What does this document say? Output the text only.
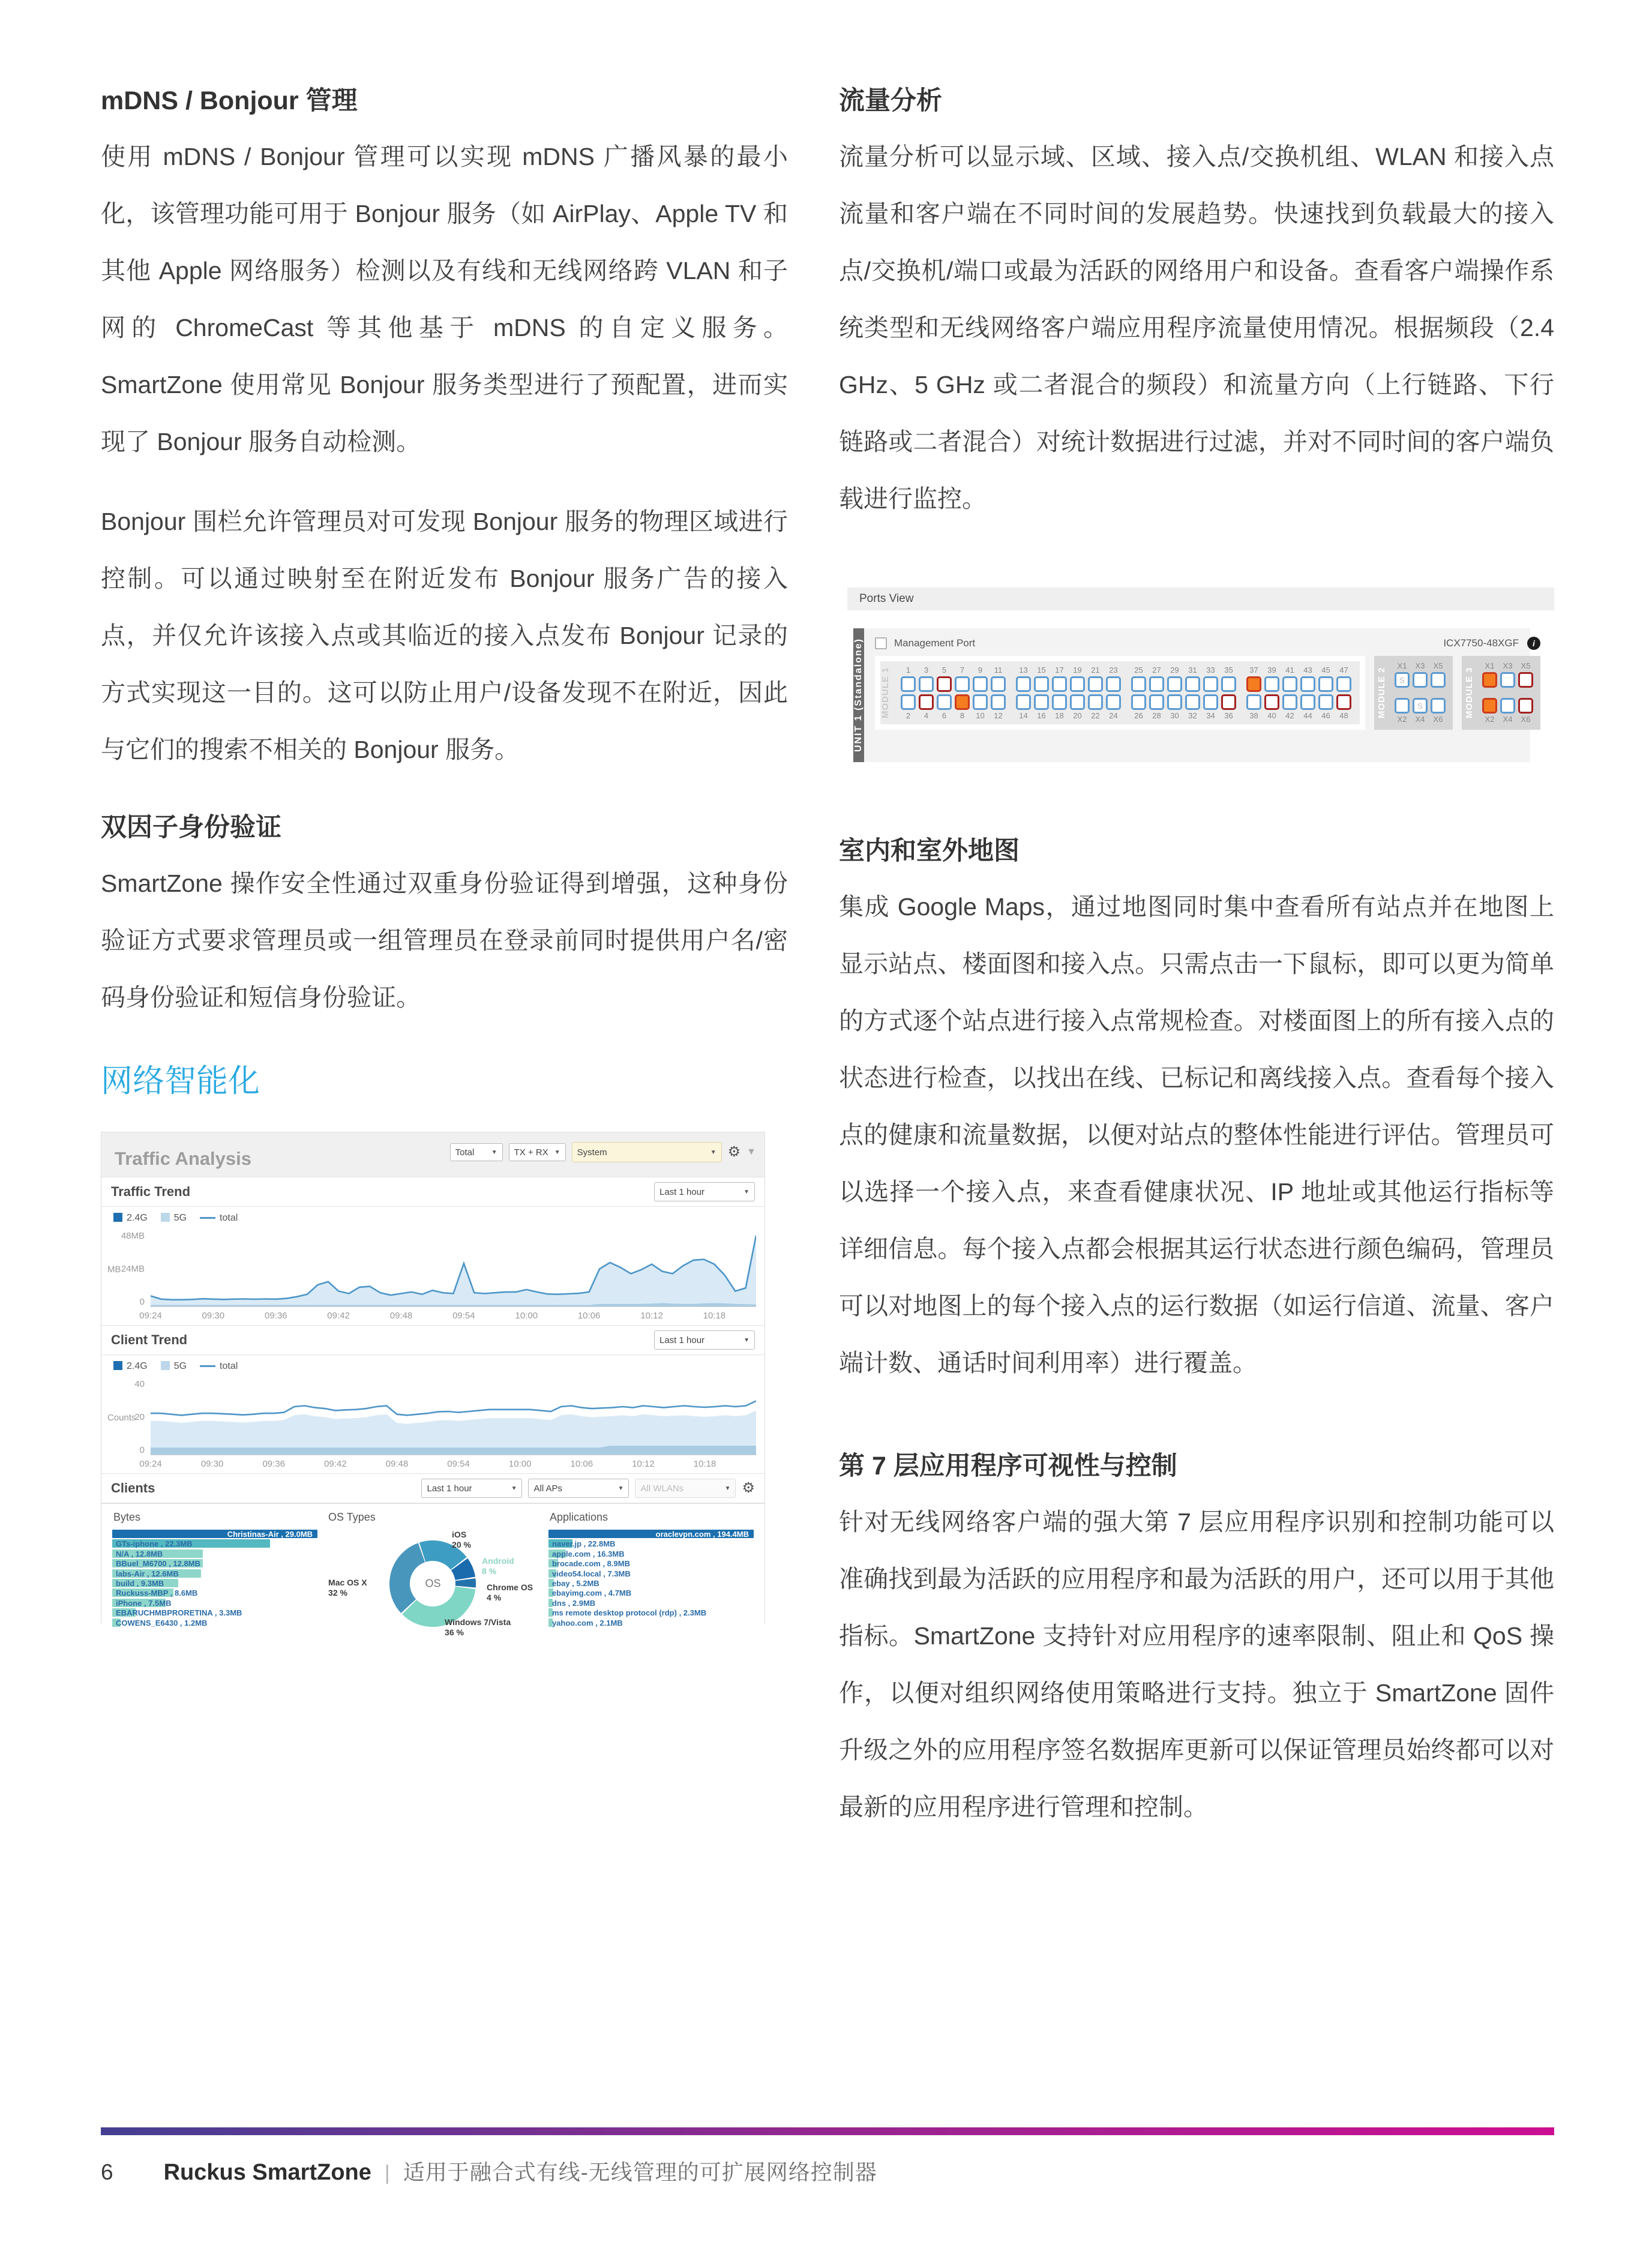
mDNS / Bonjour 管理

使用 mDNS / Bonjour 管理可以实现 mDNS 广播风暴的最小化，该管理功能可用于 Bonjour 服务（如 AirPlay、Apple TV 和其他 Apple 网络服务）检测以及有线和无线网络跨 VLAN 和子网的 ChromeCast 等其他基于 mDNS 的自定义服务。SmartZone 使用常见 Bonjour 服务类型进行了预配置，进而实现了 Bonjour 服务自动检测。

Bonjour 围栏允许管理员对可发现 Bonjour 服务的物理区域进行控制。可以通过映射至在附近发布 Bonjour 服务广告的接入点，并仅允许该接入点或其临近的接入点发布 Bonjour 记录的方式实现这一目的。这可以防止用户/设备发现不在附近，因此与它们的搜索不相关的 Bonjour 服务。

双因子身份验证

SmartZone 操作安全性通过双重身份验证得到增强，这种身份验证方式要求管理员或一组管理员在登录前同时提供用户名/密码身份验证和短信身份验证。

网络智能化
Traffic Analysis	Total	▼ TX + RX ▼ System	▼ ⚙ ▼
Traffic Trend	Last 1 hour	▼
2.4G	5G	total
MB
48MB
24MB
0
09:24	09:30	09:36	09:42	09:48	09:54	10:00	10:06	10:12	10:18
Client Trend	Last 1 hour	▼
2.4G	5G	total
Counts
40
20
0
09:24	09:30	09:36	09:42	09:48	09:54	10:00	10:06	10:12	10:18
Clients	Last 1 hour	▼ All APs	▼ All WLANs	▼ ⚙
Bytes
Christinas-Air , 29.0MB
GTs-iphone , 22.3MB
N/A , 12.8MB
BBuel_M6700 , 12.8MB
labs-Air , 12.6MB
build , 9.3MB
Ruckuss-MBP , 8.6MB
iPhone , 7.5MB
EBARUCHMBPRORETINA , 3.3MB
COWENS_E6430 , 1.2MB
OS Types
iOS
20 %
Android
8 %
Chrome OS
4 %
Windows 7/Vista
36 %
Mac OS X
32 %
OS
Applications
oraclevpn.com , 194.4MB
naver.jp , 22.8MB
apple.com , 16.3MB
brocade.com , 8.9MB
video54.local , 7.3MB
ebay , 5.2MB
ebayimg.com , 4.7MB
dns , 2.9MB
ms remote desktop protocol (rdp) , 2.3MB
yahoo.com , 2.1MB
流量分析

流量分析可以显示域、区域、接入点/交换机组、WLAN 和接入点流量和客户端在不同时间的发展趋势。快速找到负载最大的接入点/交换机/端口或最为活跃的网络用户和设备。查看客户端操作系统类型和无线网络客户端应用程序流量使用情况。根据频段（2.4 GHz、5 GHz 或二者混合的频段）和流量方向（上行链路、下行链路或二者混合）对统计数据进行过滤，并对不同时间的客户端负载进行监控。

Ports View
UNIT 1 (Standalone)	Management Port	ICX7750-48XGF	i
MODULE 1	1
2
3
4
5
6
7
8
9
10
11
12
13
14
15
16
17
18
19
20
21
22
23
24
25
26
27
28
29
30
31
32
33
34
35
36
37
38
39
40
41
42
43
44
45
46
47
48	MODULE 2
X1
S
X2
X3
S
X4
X5
X6
MODULE 3
X1
X2
X3
X4
X5
X6
室内和室外地图

集成 Google Maps，通过地图同时集中查看所有站点并在地图上显示站点、楼面图和接入点。只需点击一下鼠标，即可以更为简单的方式逐个站点进行接入点常规检查。对楼面图上的所有接入点的状态进行检查，以找出在线、已标记和离线接入点。查看每个接入点的健康和流量数据，以便对站点的整体性能进行评估。管理员可以选择一个接入点，来查看健康状况、IP 地址或其他运行指标等详细信息。每个接入点都会根据其运行状态进行颜色编码，管理员可以对地图上的每个接入点的运行数据（如运行信道、流量、客户端计数、通话时间利用率）进行覆盖。

第 7 层应用程序可视性与控制

针对无线网络客户端的强大第 7 层应用程序识别和控制功能可以准确找到最为活跃的应用程序和最为活跃的用户，还可以用于其他指标。SmartZone 支持针对应用程序的速率限制、阻止和 QoS 操作，以便对组织网络使用策略进行支持。独立于 SmartZone 固件升级之外的应用程序签名数据库更新可以保证管理员始终都可以对最新的应用程序进行管理和控制。

6 Ruckus SmartZone | 适用于融合式有线-无线管理的可扩展网络控制器
